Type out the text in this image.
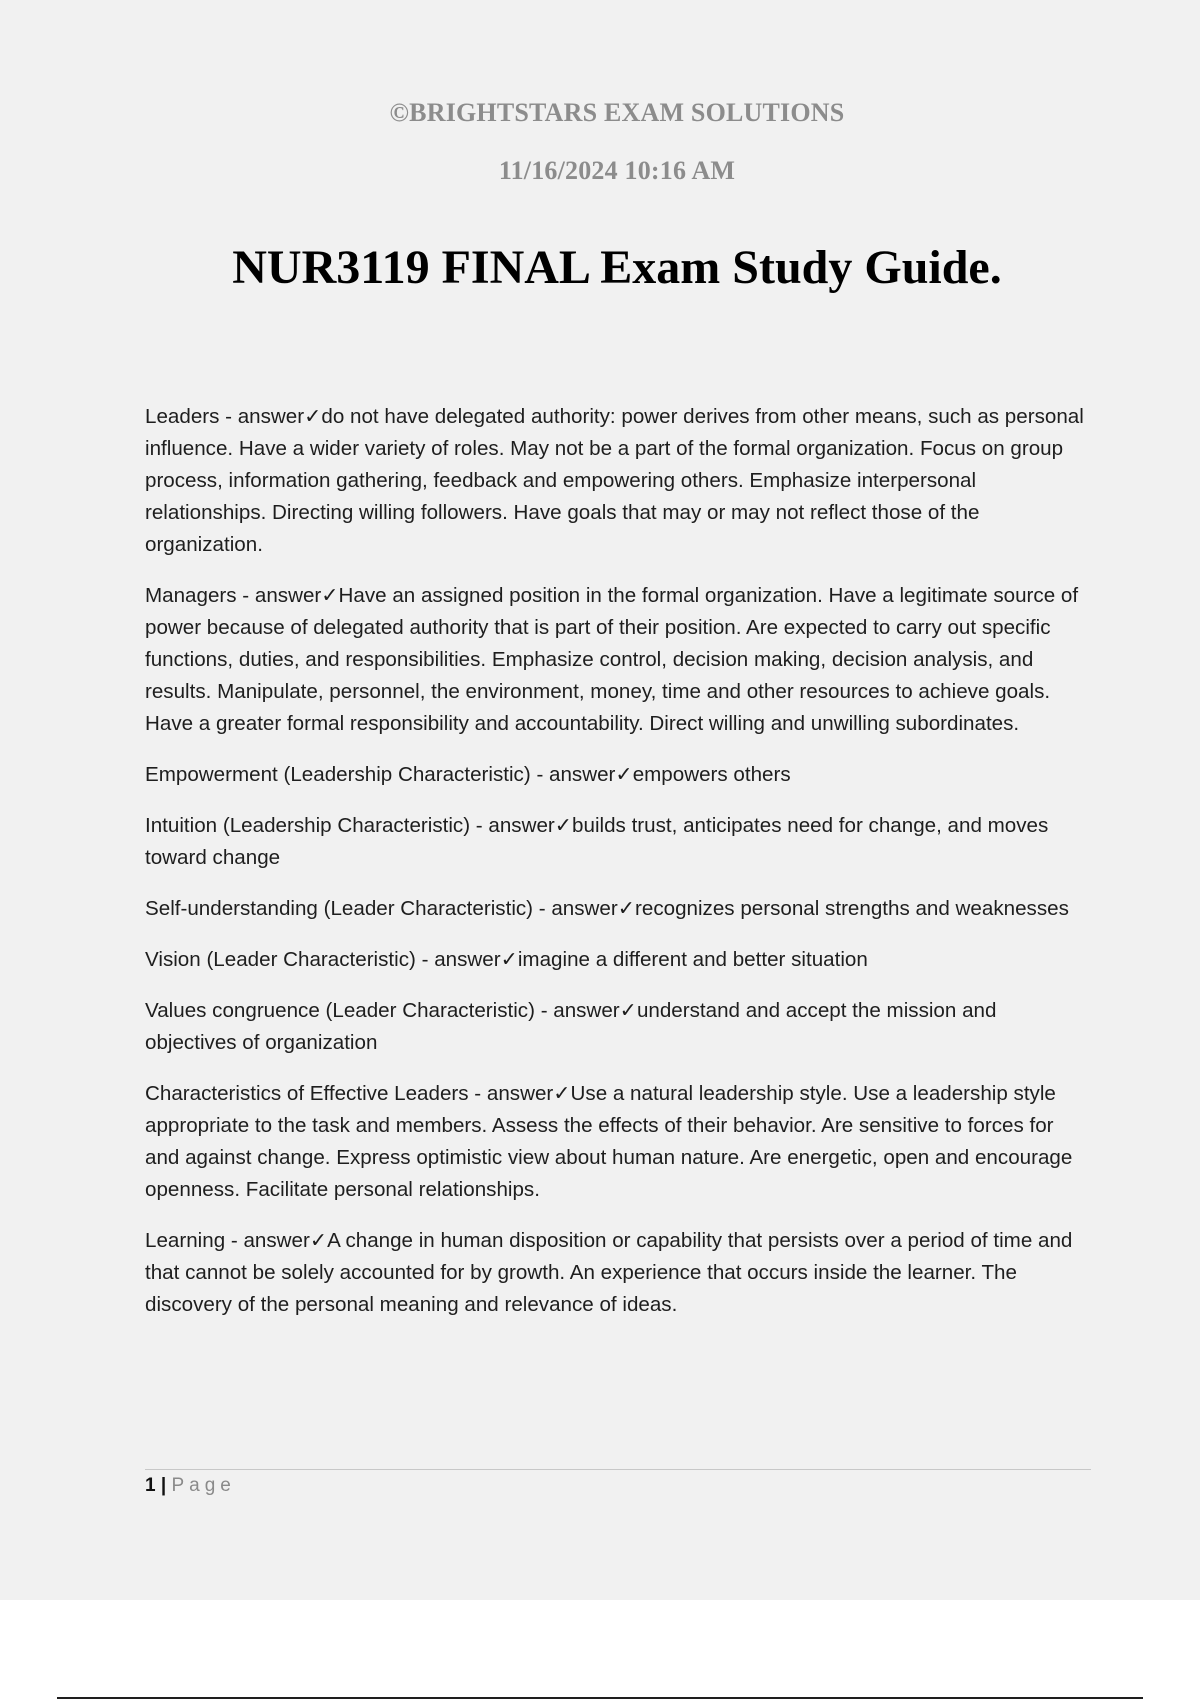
©BRIGHTSTARS EXAM SOLUTIONS
11/16/2024 10:16 AM
NUR3119 FINAL Exam Study Guide.

Leaders - answer✓do not have delegated authority: power derives from other means, such as personal influence. Have a wider variety of roles. May not be a part of the formal organization. Focus on group process, information gathering, feedback and empowering others. Emphasize interpersonal relationships. Directing willing followers. Have goals that may or may not reflect those of the organization.

Managers - answer✓Have an assigned position in the formal organization. Have a legitimate source of power because of delegated authority that is part of their position. Are expected to carry out specific functions, duties, and responsibilities. Emphasize control, decision making, decision analysis, and results. Manipulate, personnel, the environment, money, time and other resources to achieve goals. Have a greater formal responsibility and accountability. Direct willing and unwilling subordinates.

Empowerment (Leadership Characteristic) - answer✓empowers others

Intuition (Leadership Characteristic) - answer✓builds trust, anticipates need for change, and moves toward change

Self-understanding (Leader Characteristic) - answer✓recognizes personal strengths and weaknesses

Vision (Leader Characteristic) - answer✓imagine a different and better situation

Values congruence (Leader Characteristic) - answer✓understand and accept the mission and objectives of organization

Characteristics of Effective Leaders - answer✓Use a natural leadership style. Use a leadership style appropriate to the task and members. Assess the effects of their behavior. Are sensitive to forces for and against change. Express optimistic view about human nature. Are energetic, open and encourage openness. Facilitate personal relationships.

Learning - answer✓A change in human disposition or capability that persists over a period of time and that cannot be solely accounted for by growth. An experience that occurs inside the learner. The discovery of the personal meaning and relevance of ideas.

1 | Page
